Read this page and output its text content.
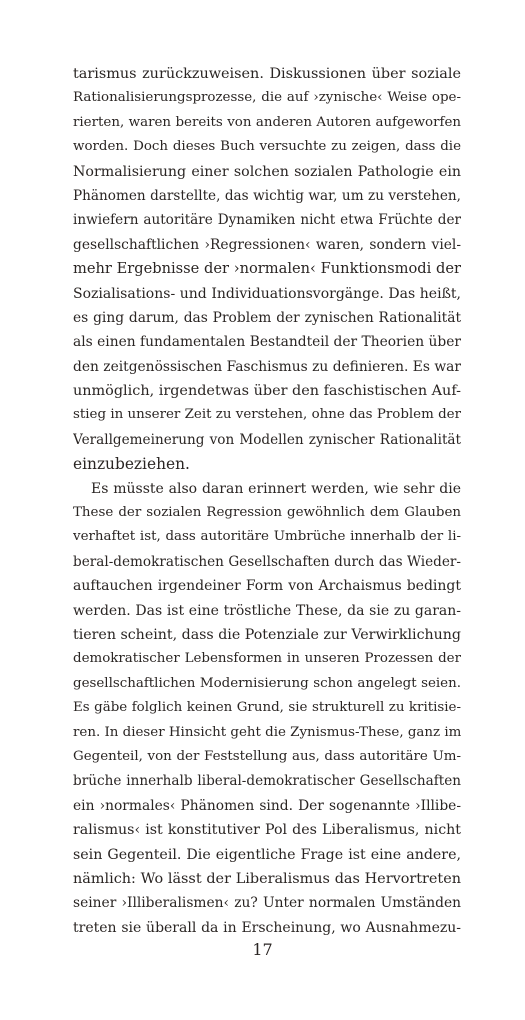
tarismus zurückzuweisen. Diskussionen über soziale
Rationalisierungsprozesse, die auf ›zynische‹ Weise ope-
rierten, waren bereits von anderen Autoren aufgeworfen
worden. Doch dieses Buch versuchte zu zeigen, dass die
Normalisierung einer solchen sozialen Pathologie ein
Phänomen darstellte, das wichtig war, um zu verstehen,
inwiefern autoritäre Dynamiken nicht etwa Früchte der
gesellschaftlichen ›Regressionen‹ waren, sondern viel-
mehr Ergebnisse der ›normalen‹ Funktionsmodi der
Sozialisations- und Individuationsvorgänge. Das heißt,
es ging darum, das Problem der zynischen Rationalität
als einen fundamentalen Bestandteil der Theorien über
den zeitgenössischen Faschismus zu definieren. Es war
unmöglich, irgendetwas über den faschistischen Auf-
stieg in unserer Zeit zu verstehen, ohne das Problem der
Verallgemeinerung von Modellen zynischer Rationalität
einzubeziehen.
Es müsste also daran erinnert werden, wie sehr die
These der sozialen Regression gewöhnlich dem Glauben
verhaftet ist, dass autoritäre Umbrüche innerhalb der li-
beral-demokratischen Gesellschaften durch das Wieder-
auftauchen irgendeiner Form von Archaismus bedingt
werden. Das ist eine tröstliche These, da sie zu garan-
tieren scheint, dass die Potenziale zur Verwirklichung
demokratischer Lebensformen in unseren Prozessen der
gesellschaftlichen Modernisierung schon angelegt seien.
Es gäbe folglich keinen Grund, sie strukturell zu kritisie-
ren. In dieser Hinsicht geht die Zynismus-These, ganz im
Gegenteil, von der Feststellung aus, dass autoritäre Um-
brüche innerhalb liberal-demokratischer Gesellschaften
ein ›normales‹ Phänomen sind. Der sogenannte ›Illibe-
ralismus‹ ist konstitutiver Pol des Liberalismus, nicht
sein Gegenteil. Die eigentliche Frage ist eine andere,
nämlich: Wo lässt der Liberalismus das Hervortreten
seiner ›Illiberalismen‹ zu? Unter normalen Umständen
treten sie überall da in Erscheinung, wo Ausnahmezu-
17
